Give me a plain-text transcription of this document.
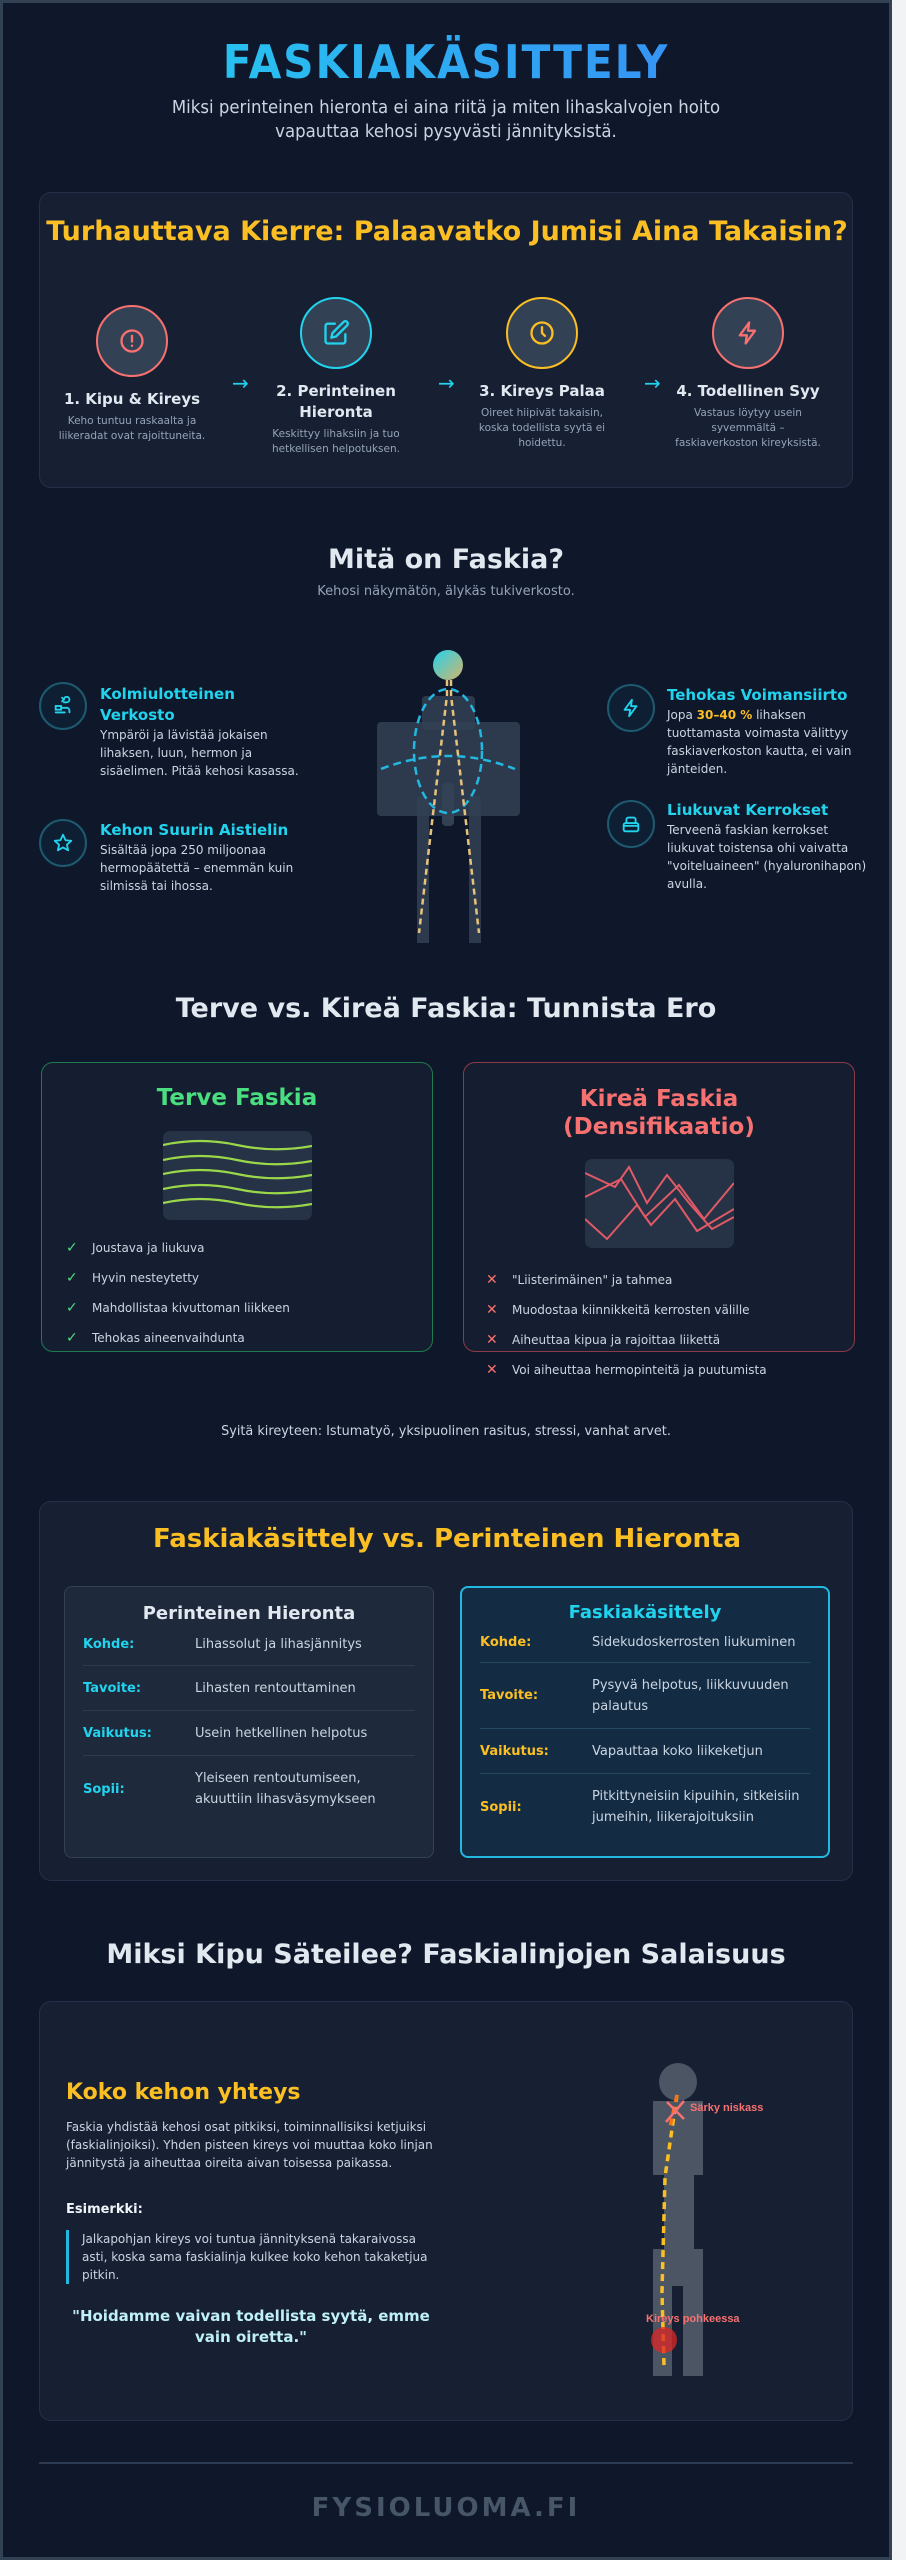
FASKIAKÄSITTELY
Miksi perinteinen hieronta ei aina riitä ja miten lihaskalvojen hoito vapauttaa kehosi pysyvästi jännityksistä.
Turhauttava Kierre: Palaavatko Jumisi Aina Takaisin?
1. Kipu & Kireys
Keho tuntuu raskaalta ja liikeradat ovat rajoittuneita.
→	2. Perinteinen Hieronta
Keskittyy lihaksiin ja tuo hetkellisen helpotuksen.
→	3. Kireys Palaa
Oireet hiipivät takaisin, koska todellista syytä ei hoidettu.
→	4. Todellinen Syy
Vastaus löytyy usein syvemmältä – faskiaverkoston kireyksistä.
Mitä on Faskia?
Kehosi näkymätön, älykäs tukiverkosto.
Kolmiulotteinen Verkosto
Ympäröi ja lävistää jokaisen lihaksen, luun, hermon ja sisäelimen. Pitää kehosi kasassa.
Kehon Suurin Aistielin
Sisältää jopa 250 miljoonaa hermopäätettä – enemmän kuin silmissä tai ihossa.
Tehokas Voimansiirto
Jopa 30–40 % lihaksen tuottamasta voimasta välittyy faskiaverkoston kautta, ei vain jänteiden.
Liukuvat Kerrokset
Terveenä faskian kerrokset liukuvat toistensa ohi vaivatta "voiteluaineen" (hyaluronihapon) avulla.
Terve vs. Kireä Faskia: Tunnista Ero
Terve Faskia
✓	Joustava ja liukuva
✓	Hyvin nesteytetty
✓	Mahdollistaa kivuttoman liikkeen
✓	Tehokas aineenvaihdunta
Kireä Faskia
(Densifikaatio)
✕	"Liisterimäinen" ja tahmea
✕	Muodostaa kiinnikkeitä kerrosten välille
✕	Aiheuttaa kipua ja rajoittaa liikettä
✕	Voi aiheuttaa hermopinteitä ja puutumista
Syitä kireyteen: Istumatyö, yksipuolinen rasitus, stressi, vanhat arvet.
Faskiakäsittely vs. Perinteinen Hieronta
Perinteinen Hieronta
Kohde:	Lihassolut ja lihasjännitys
Tavoite:	Lihasten rentouttaminen
Vaikutus:	Usein hetkellinen helpotus
Sopii:
Yleiseen rentoutumiseen, akuuttiin lihasväsymykseen
Faskiakäsittely
Kohde:	Sidekudoskerrosten liukuminen
Tavoite:
Pysyvä helpotus, liikkuvuuden palautus
Vaikutus:	Vapauttaa koko liikeketjun
Sopii:
Pitkittyneisiin kipuihin, sitkeisiin jumeihin, liikerajoituksiin
Miksi Kipu Säteilee? Faskialinjojen Salaisuus
Koko kehon yhteys
Faskia yhdistää kehosi osat pitkiksi, toiminnallisiksi ketjuiksi (faskialinjoiksi). Yhden pisteen kireys voi muuttaa koko linjan jännitystä ja aiheuttaa oireita aivan toisessa paikassa.
Esimerkki:
Jalkapohjan kireys voi tuntua jännityksenä takaraivossa asti, koska sama faskialinja kulkee koko kehon takaketjua pitkin.
"Hoidamme vaivan todellista syytä, emme vain oiretta."
Särky niskass
Kireys pohkeessa
FYSIOLUOMA.FI
